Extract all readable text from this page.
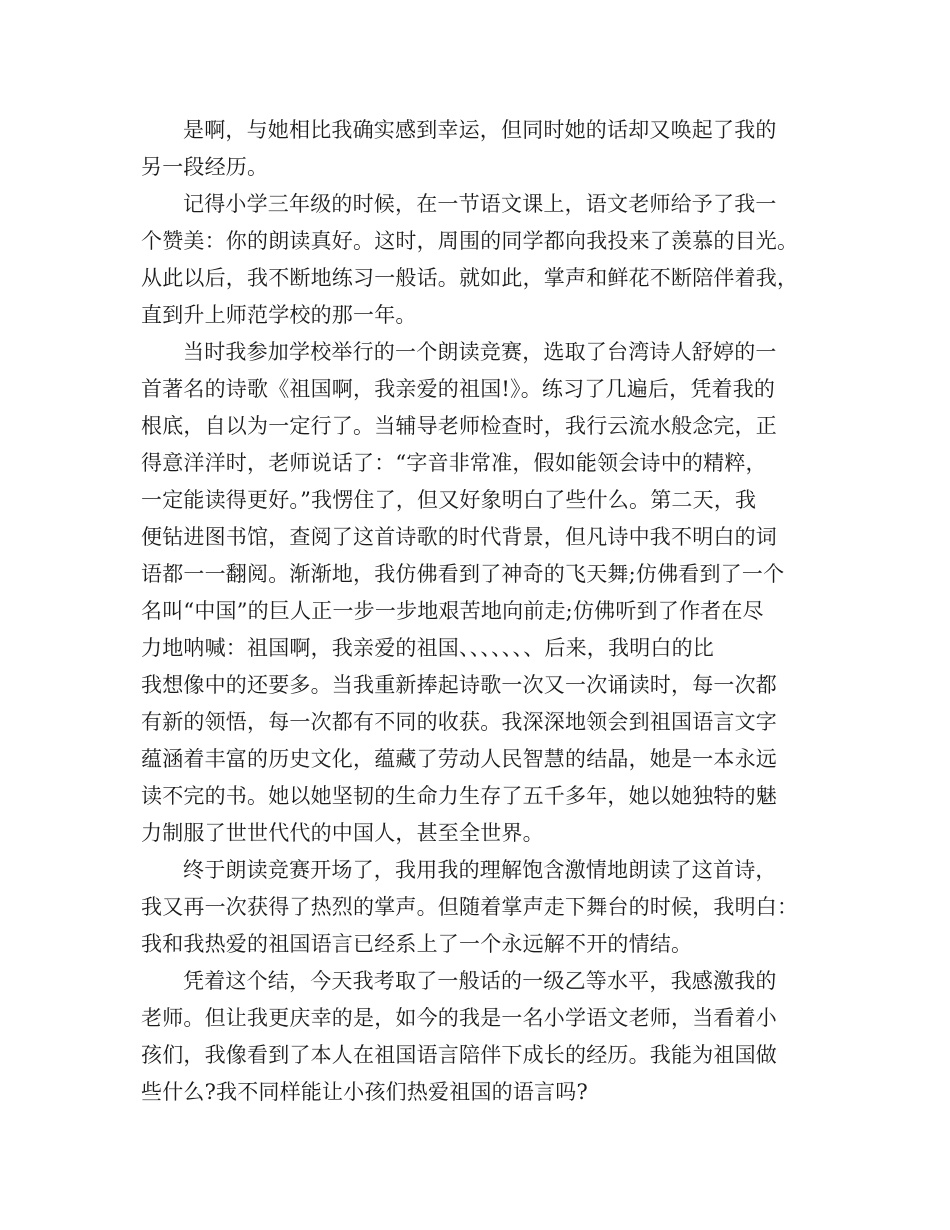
是啊，与她相比我确实感到幸运，但同时她的话却又唤起了我的
另一段经历。
记得小学三年级的时候，在一节语文课上，语文老师给予了我一
个赞美：你的朗读真好。这时，周围的同学都向我投来了羡慕的目光。
从此以后，我不断地练习一般话。就如此，掌声和鲜花不断陪伴着我，
直到升上师范学校的那一年。
当时我参加学校举行的一个朗读竞赛，选取了台湾诗人舒婷的一
首著名的诗歌《祖国啊，我亲爱的祖国!》。练习了几遍后，凭着我的
根底，自以为一定行了。当辅导老师检查时，我行云流水般念完，正
得意洋洋时，老师说话了：“字音非常准，假如能领会诗中的精粹，
一定能读得更好。”我愣住了，但又好象明白了些什么。第二天，我
便钻进图书馆，查阅了这首诗歌的时代背景，但凡诗中我不明白的词
语都一一翻阅。渐渐地，我仿佛看到了神奇的飞天舞;仿佛看到了一个
名叫“中国”的巨人正一步一步地艰苦地向前走;仿佛听到了作者在尽
力地呐喊：祖国啊，我亲爱的祖国、、、、、、、后来，我明白的比
我想像中的还要多。当我重新捧起诗歌一次又一次诵读时，每一次都
有新的领悟，每一次都有不同的收获。我深深地领会到祖国语言文字
蕴涵着丰富的历史文化，蕴藏了劳动人民智慧的结晶，她是一本永远
读不完的书。她以她坚韧的生命力生存了五千多年，她以她独特的魅
力制服了世世代代的中国人，甚至全世界。
终于朗读竞赛开场了，我用我的理解饱含激情地朗读了这首诗，
我又再一次获得了热烈的掌声。但随着掌声走下舞台的时候，我明白：
我和我热爱的祖国语言已经系上了一个永远解不开的情结。
凭着这个结，今天我考取了一般话的一级乙等水平，我感激我的
老师。但让我更庆幸的是，如今的我是一名小学语文老师，当看着小
孩们，我像看到了本人在祖国语言陪伴下成长的经历。我能为祖国做
些什么?我不同样能让小孩们热爱祖国的语言吗?
